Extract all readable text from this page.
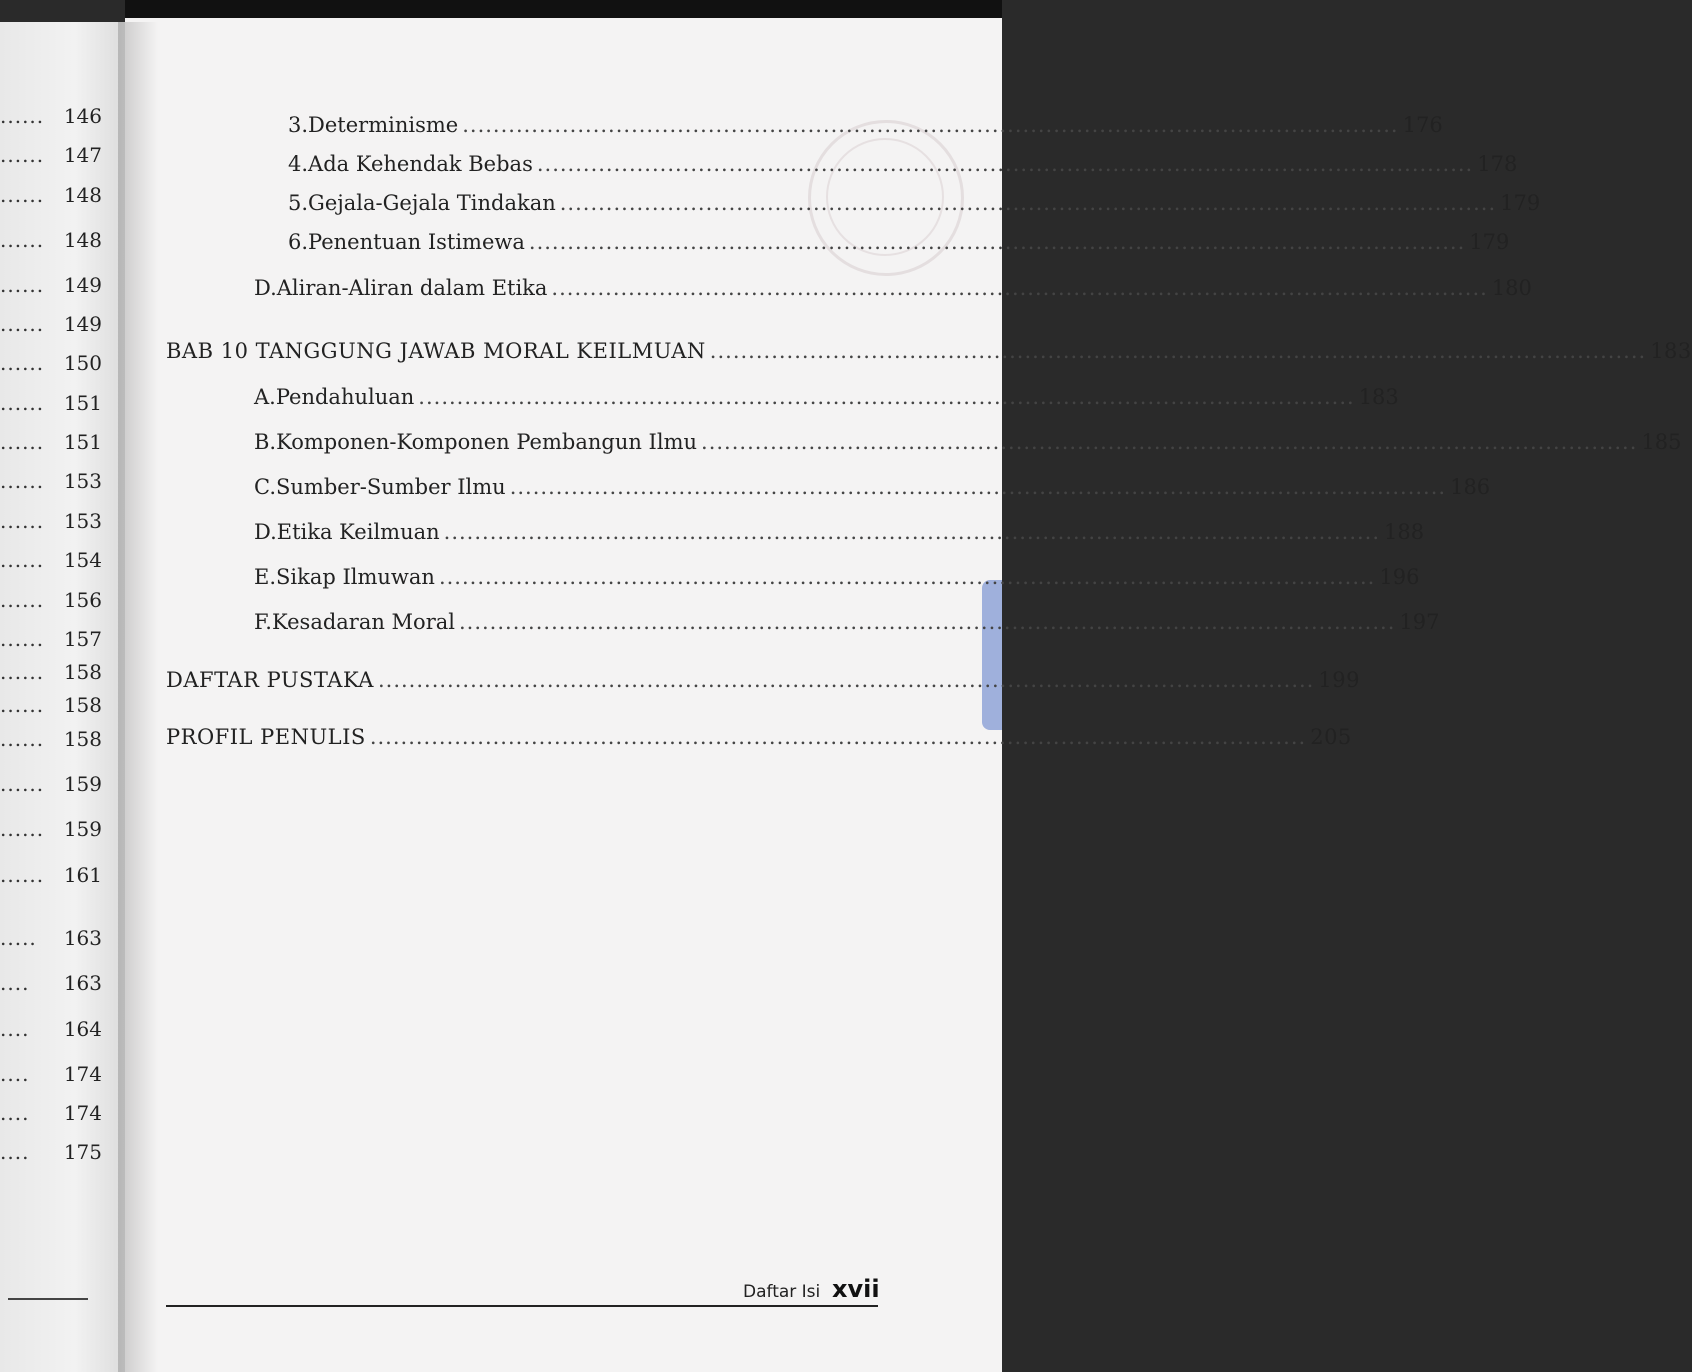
...... 146
...... 147
...... 148
...... 148
...... 149
...... 149
...... 150
...... 151
...... 151
...... 153
...... 153
...... 154
...... 156
...... 157
...... 158
...... 158
...... 158
...... 159
...... 159
...... 161
..... 163
.... 163
.... 164
.... 174
.... 174
.... 175
3. Determinisme .......................................................................................................................... 176
4. Ada Kehendak Bebas .......................................................................................................................... 178
5. Gejala-Gejala Tindakan .......................................................................................................................... 179
6. Penentuan Istimewa .......................................................................................................................... 179
D. Aliran-Aliran dalam Etika .......................................................................................................................... 180
BAB 10 TANGGUNG JAWAB MORAL KEILMUAN .......................................................................................................................... 183
A. Pendahuluan .......................................................................................................................... 183
B. Komponen-Komponen Pembangun Ilmu .......................................................................................................................... 185
C. Sumber-Sumber Ilmu .......................................................................................................................... 186
D. Etika Keilmuan .......................................................................................................................... 188
E. Sikap Ilmuwan .......................................................................................................................... 196
F. Kesadaran Moral .......................................................................................................................... 197
DAFTAR PUSTAKA .......................................................................................................................... 199
PROFIL PENULIS .......................................................................................................................... 205
Daftar Isi xvii
